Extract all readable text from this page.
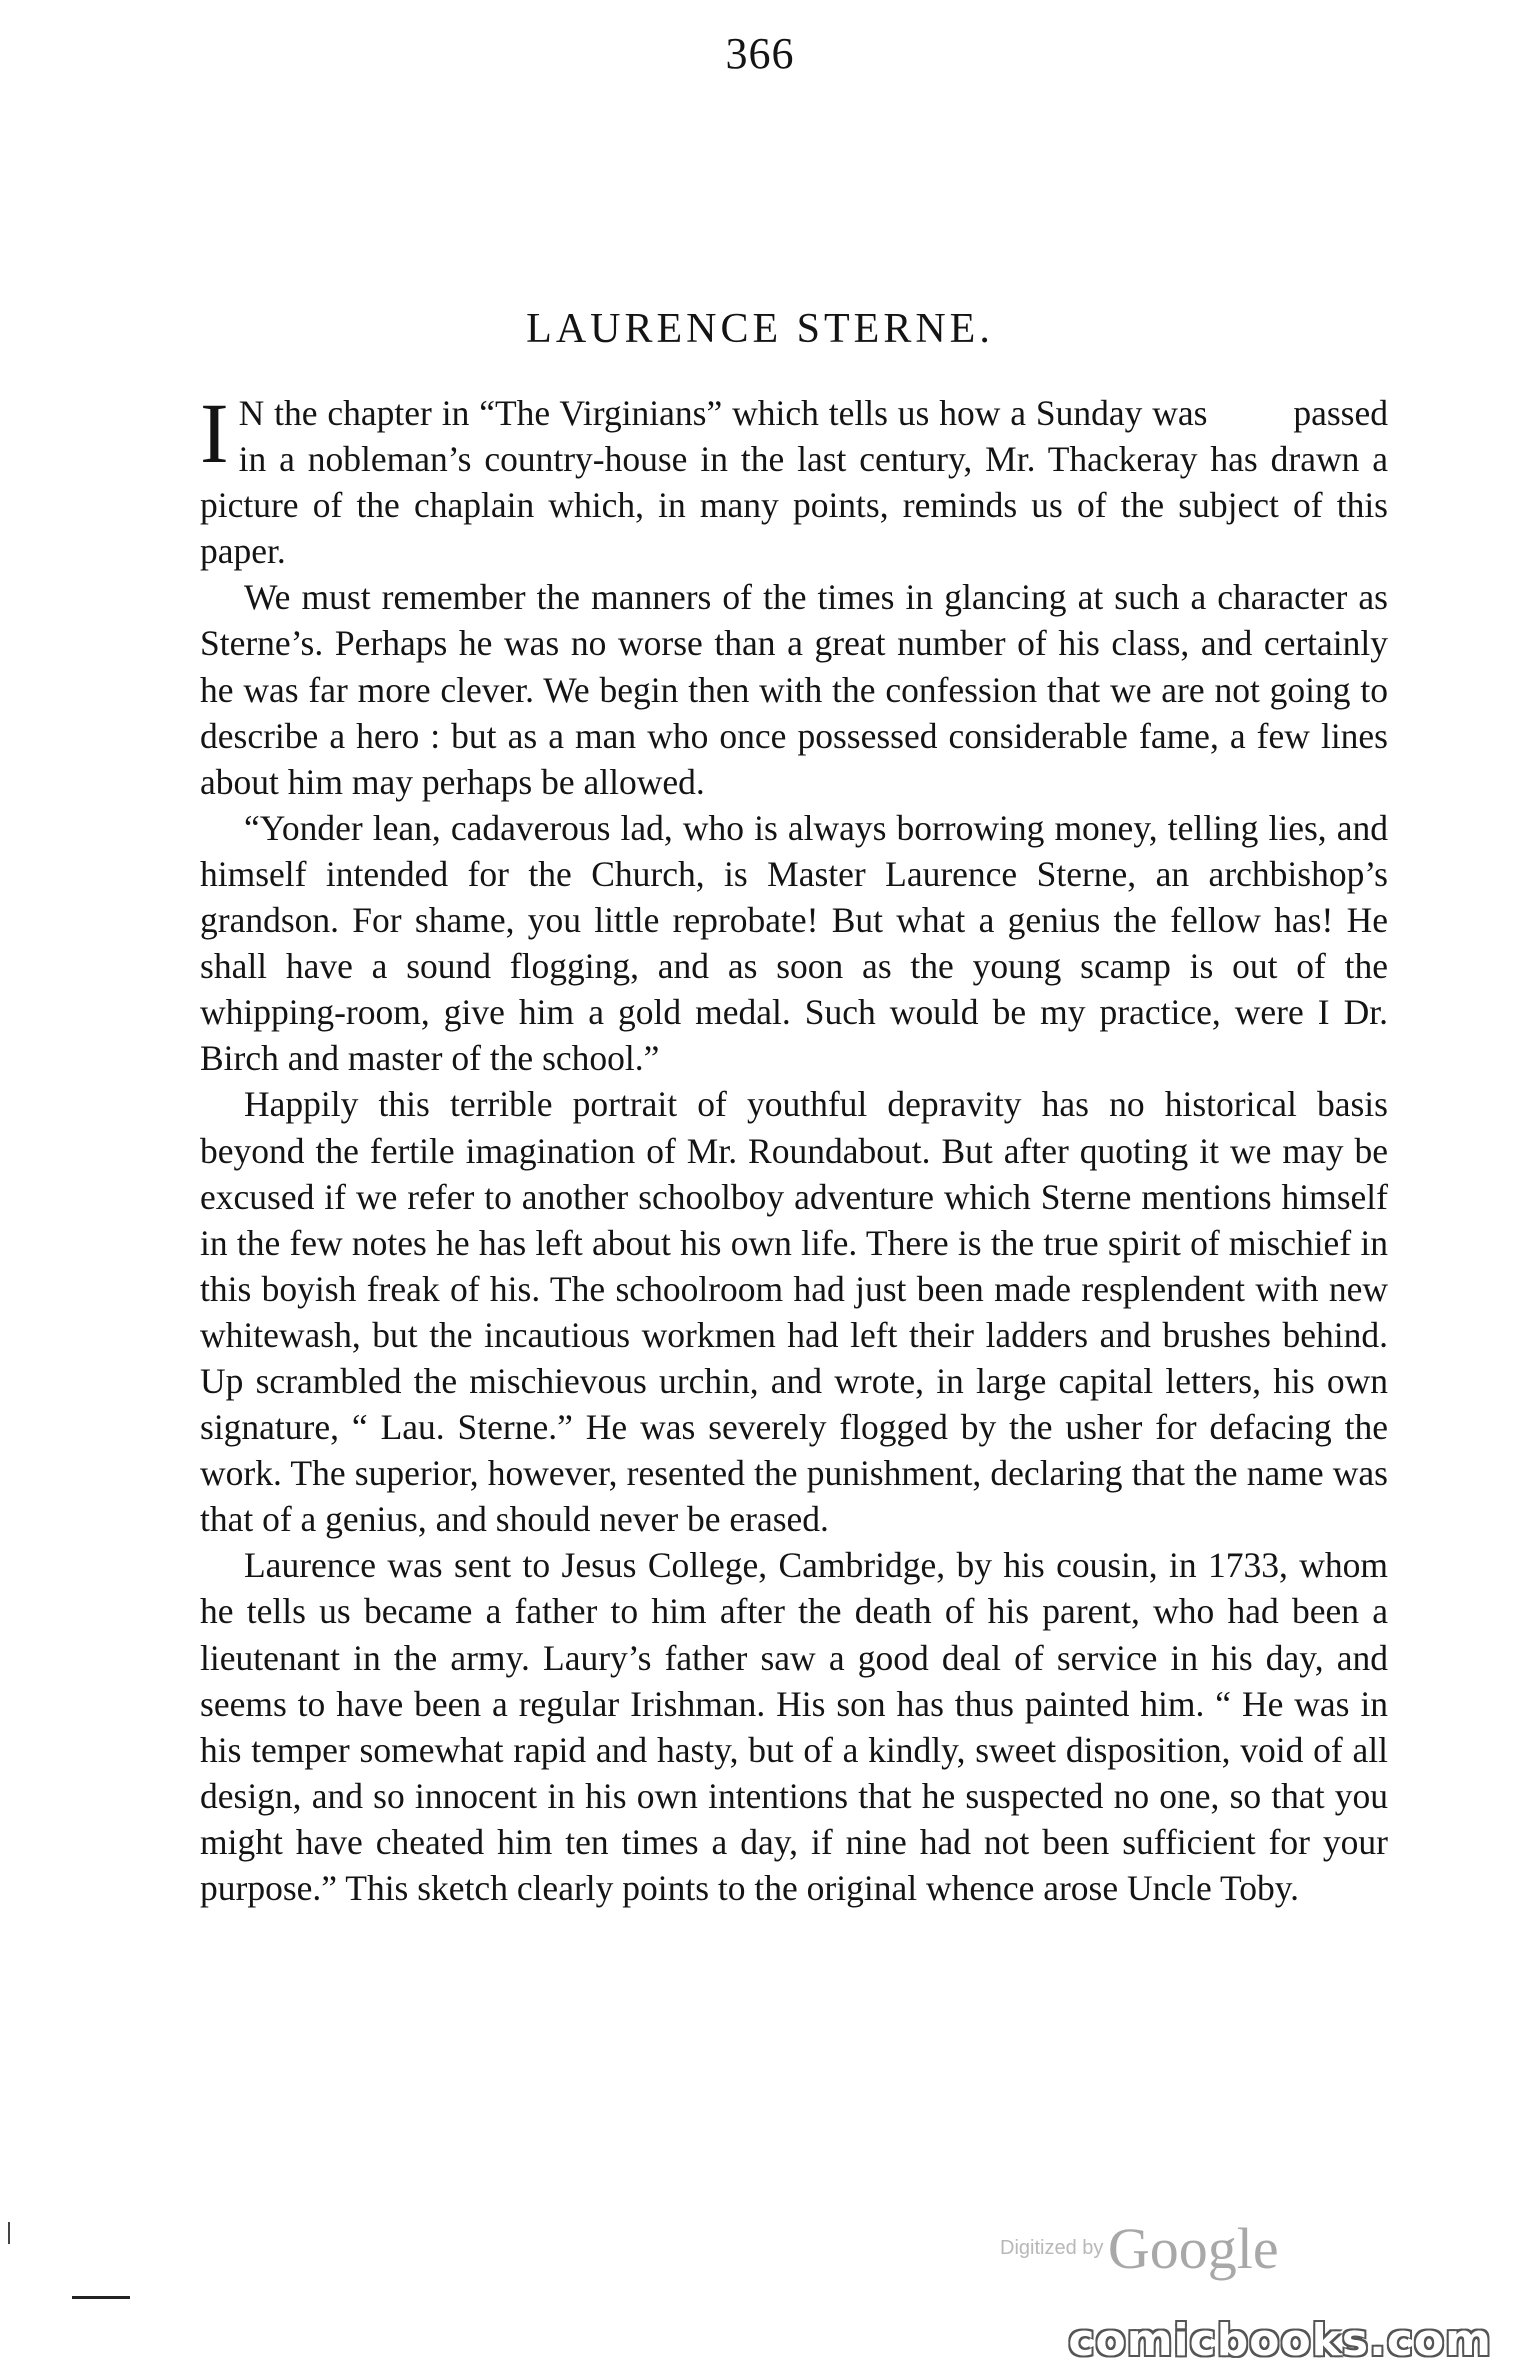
366
LAURENCE STERNE.

I N the chapter in “The Virginians” which tells us how a Sunday was passed in a nobleman’s country-house in the last century, Mr. Thackeray has drawn a picture of the chaplain which, in many points, reminds us of the subject of this paper.

We must remember the manners of the times in glancing at such a character as Sterne’s. Perhaps he was no worse than a great number of his class, and certainly he was far more clever. We begin then with the confession that we are not going to describe a hero : but as a man who once possessed considerable fame, a few lines about him may perhaps be allowed.

“Yonder lean, cadaverous lad, who is always borrowing money, telling lies, and himself intended for the Church, is Master Laurence Sterne, an archbishop’s grandson. For shame, you little reprobate! But what a genius the fellow has! He shall have a sound flogging, and as soon as the young scamp is out of the whipping-room, give him a gold medal. Such would be my practice, were I Dr. Birch and master of the school.”

Happily this terrible portrait of youthful depravity has no historical basis beyond the fertile imagination of Mr. Roundabout. But after quoting it we may be excused if we refer to another schoolboy adventure which Sterne mentions himself in the few notes he has left about his own life. There is the true spirit of mischief in this boyish freak of his. The schoolroom had just been made resplendent with new whitewash, but the incautious workmen had left their ladders and brushes behind. Up scrambled the mischievous urchin, and wrote, in large capital letters, his own signature, “ Lau. Sterne.” He was severely flogged by the usher for defacing the work. The superior, however, resented the punishment, declaring that the name was that of a genius, and should never be erased.

Laurence was sent to Jesus College, Cambridge, by his cousin, in 1733, whom he tells us became a father to him after the death of his parent, who had been a lieutenant in the army. Laury’s father saw a good deal of service in his day, and seems to have been a regular Irishman. His son has thus painted him. “ He was in his temper somewhat rapid and hasty, but of a kindly, sweet disposition, void of all design, and so innocent in his own intentions that he suspected no one, so that you might have cheated him ten times a day, if nine had not been sufficient for your purpose.” This sketch clearly points to the original whence arose Uncle Toby.

Digitized by Google
comicbooks.com
